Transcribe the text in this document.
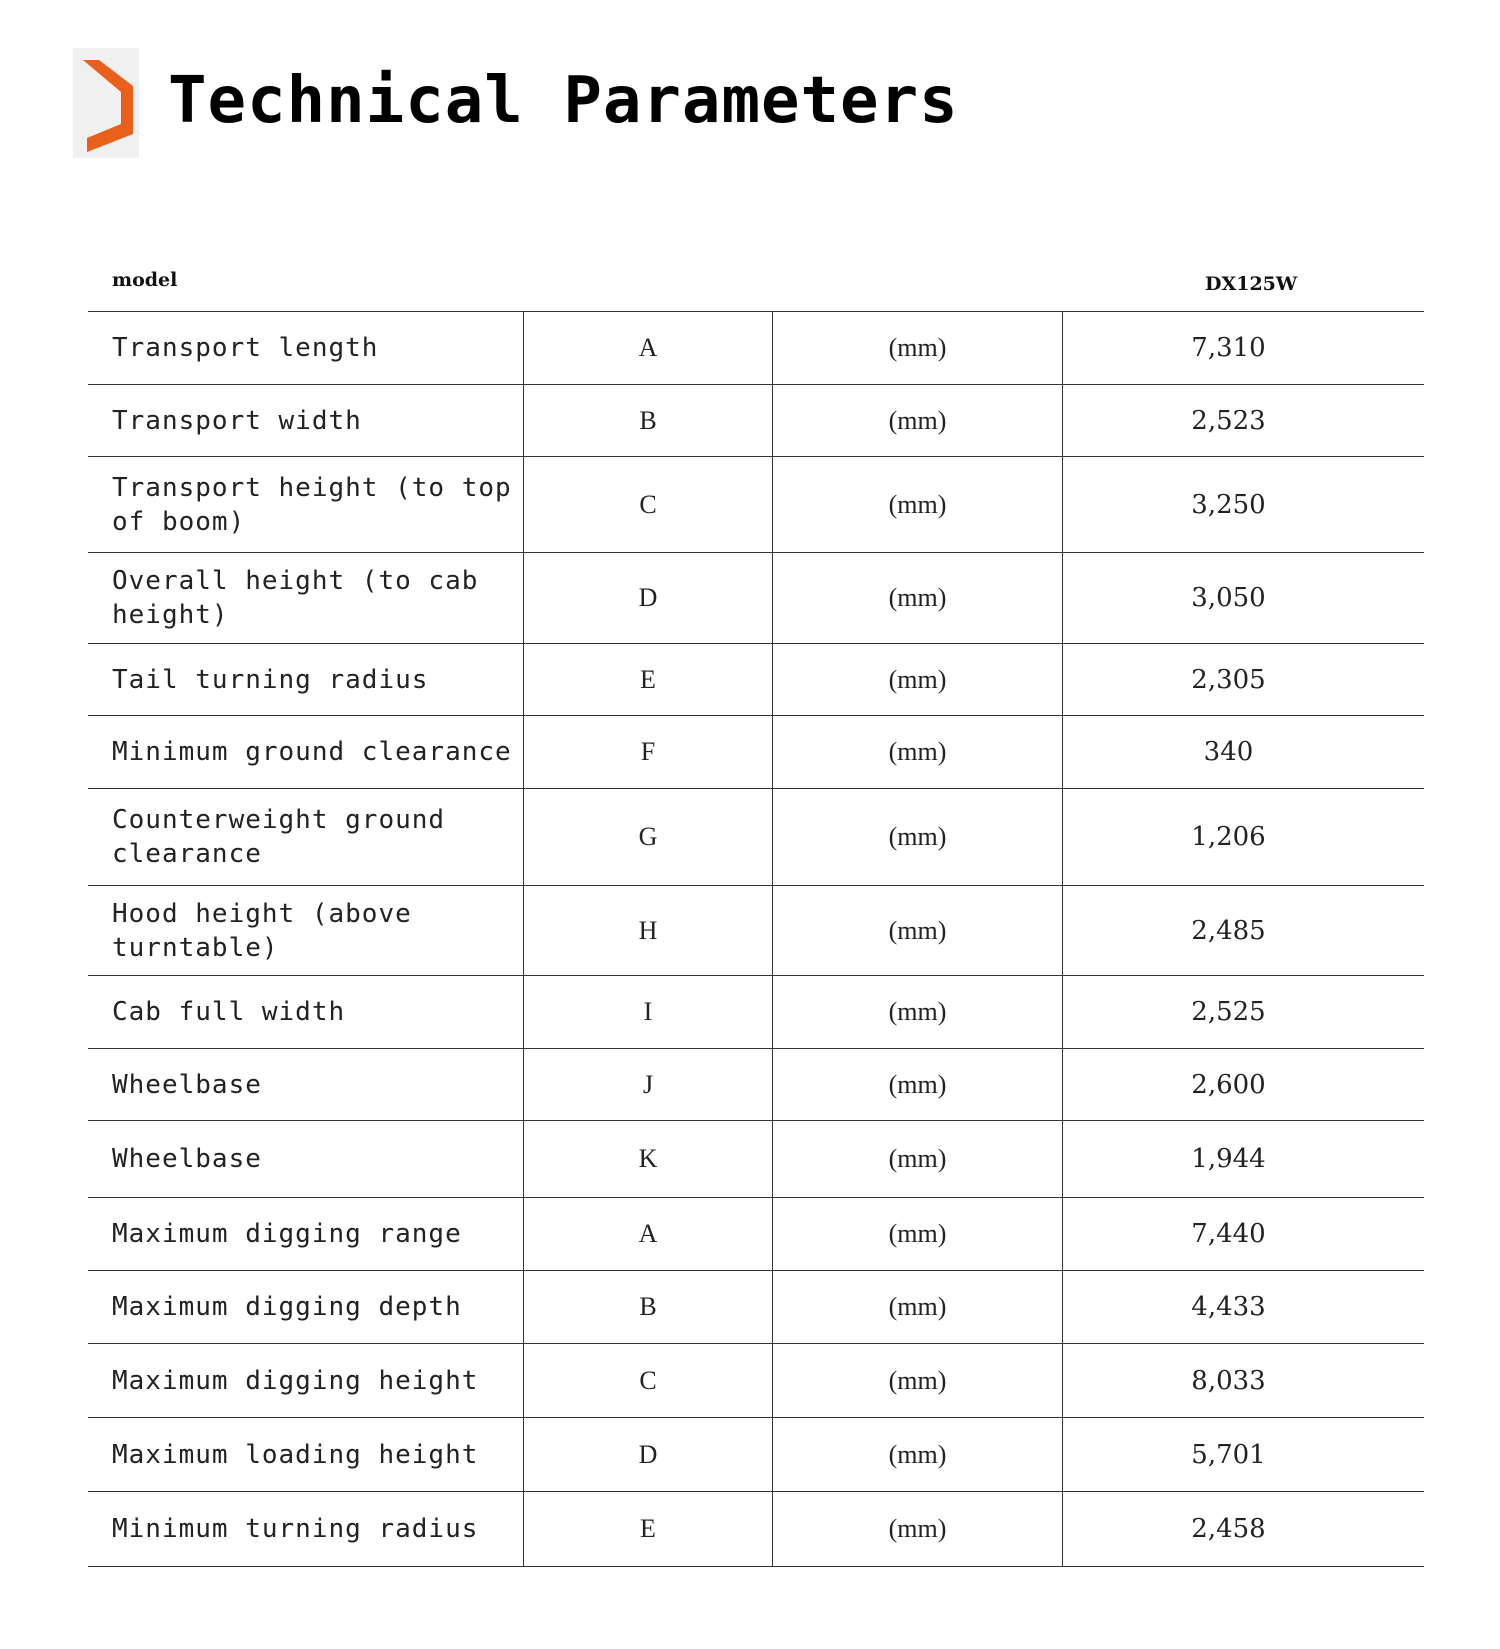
Technical Parameters
model	DX125W
Transport length	A	(mm)	7,310
Transport width	B	(mm)	2,523
Transport height (to top of boom)	C	(mm)	3,250
Overall height (to cab height)	D	(mm)	3,050
Tail turning radius	E	(mm)	2,305
Minimum ground clearance	F	(mm)	340
Counterweight ground clearance	G	(mm)	1,206
Hood height (above turntable)	H	(mm)	2,485
Cab full width	I	(mm)	2,525
Wheelbase	J	(mm)	2,600
Wheelbase	K	(mm)	1,944
Maximum digging range	A	(mm)	7,440
Maximum digging depth	B	(mm)	4,433
Maximum digging height	C	(mm)	8,033
Maximum loading height	D	(mm)	5,701
Minimum turning radius	E	(mm)	2,458
